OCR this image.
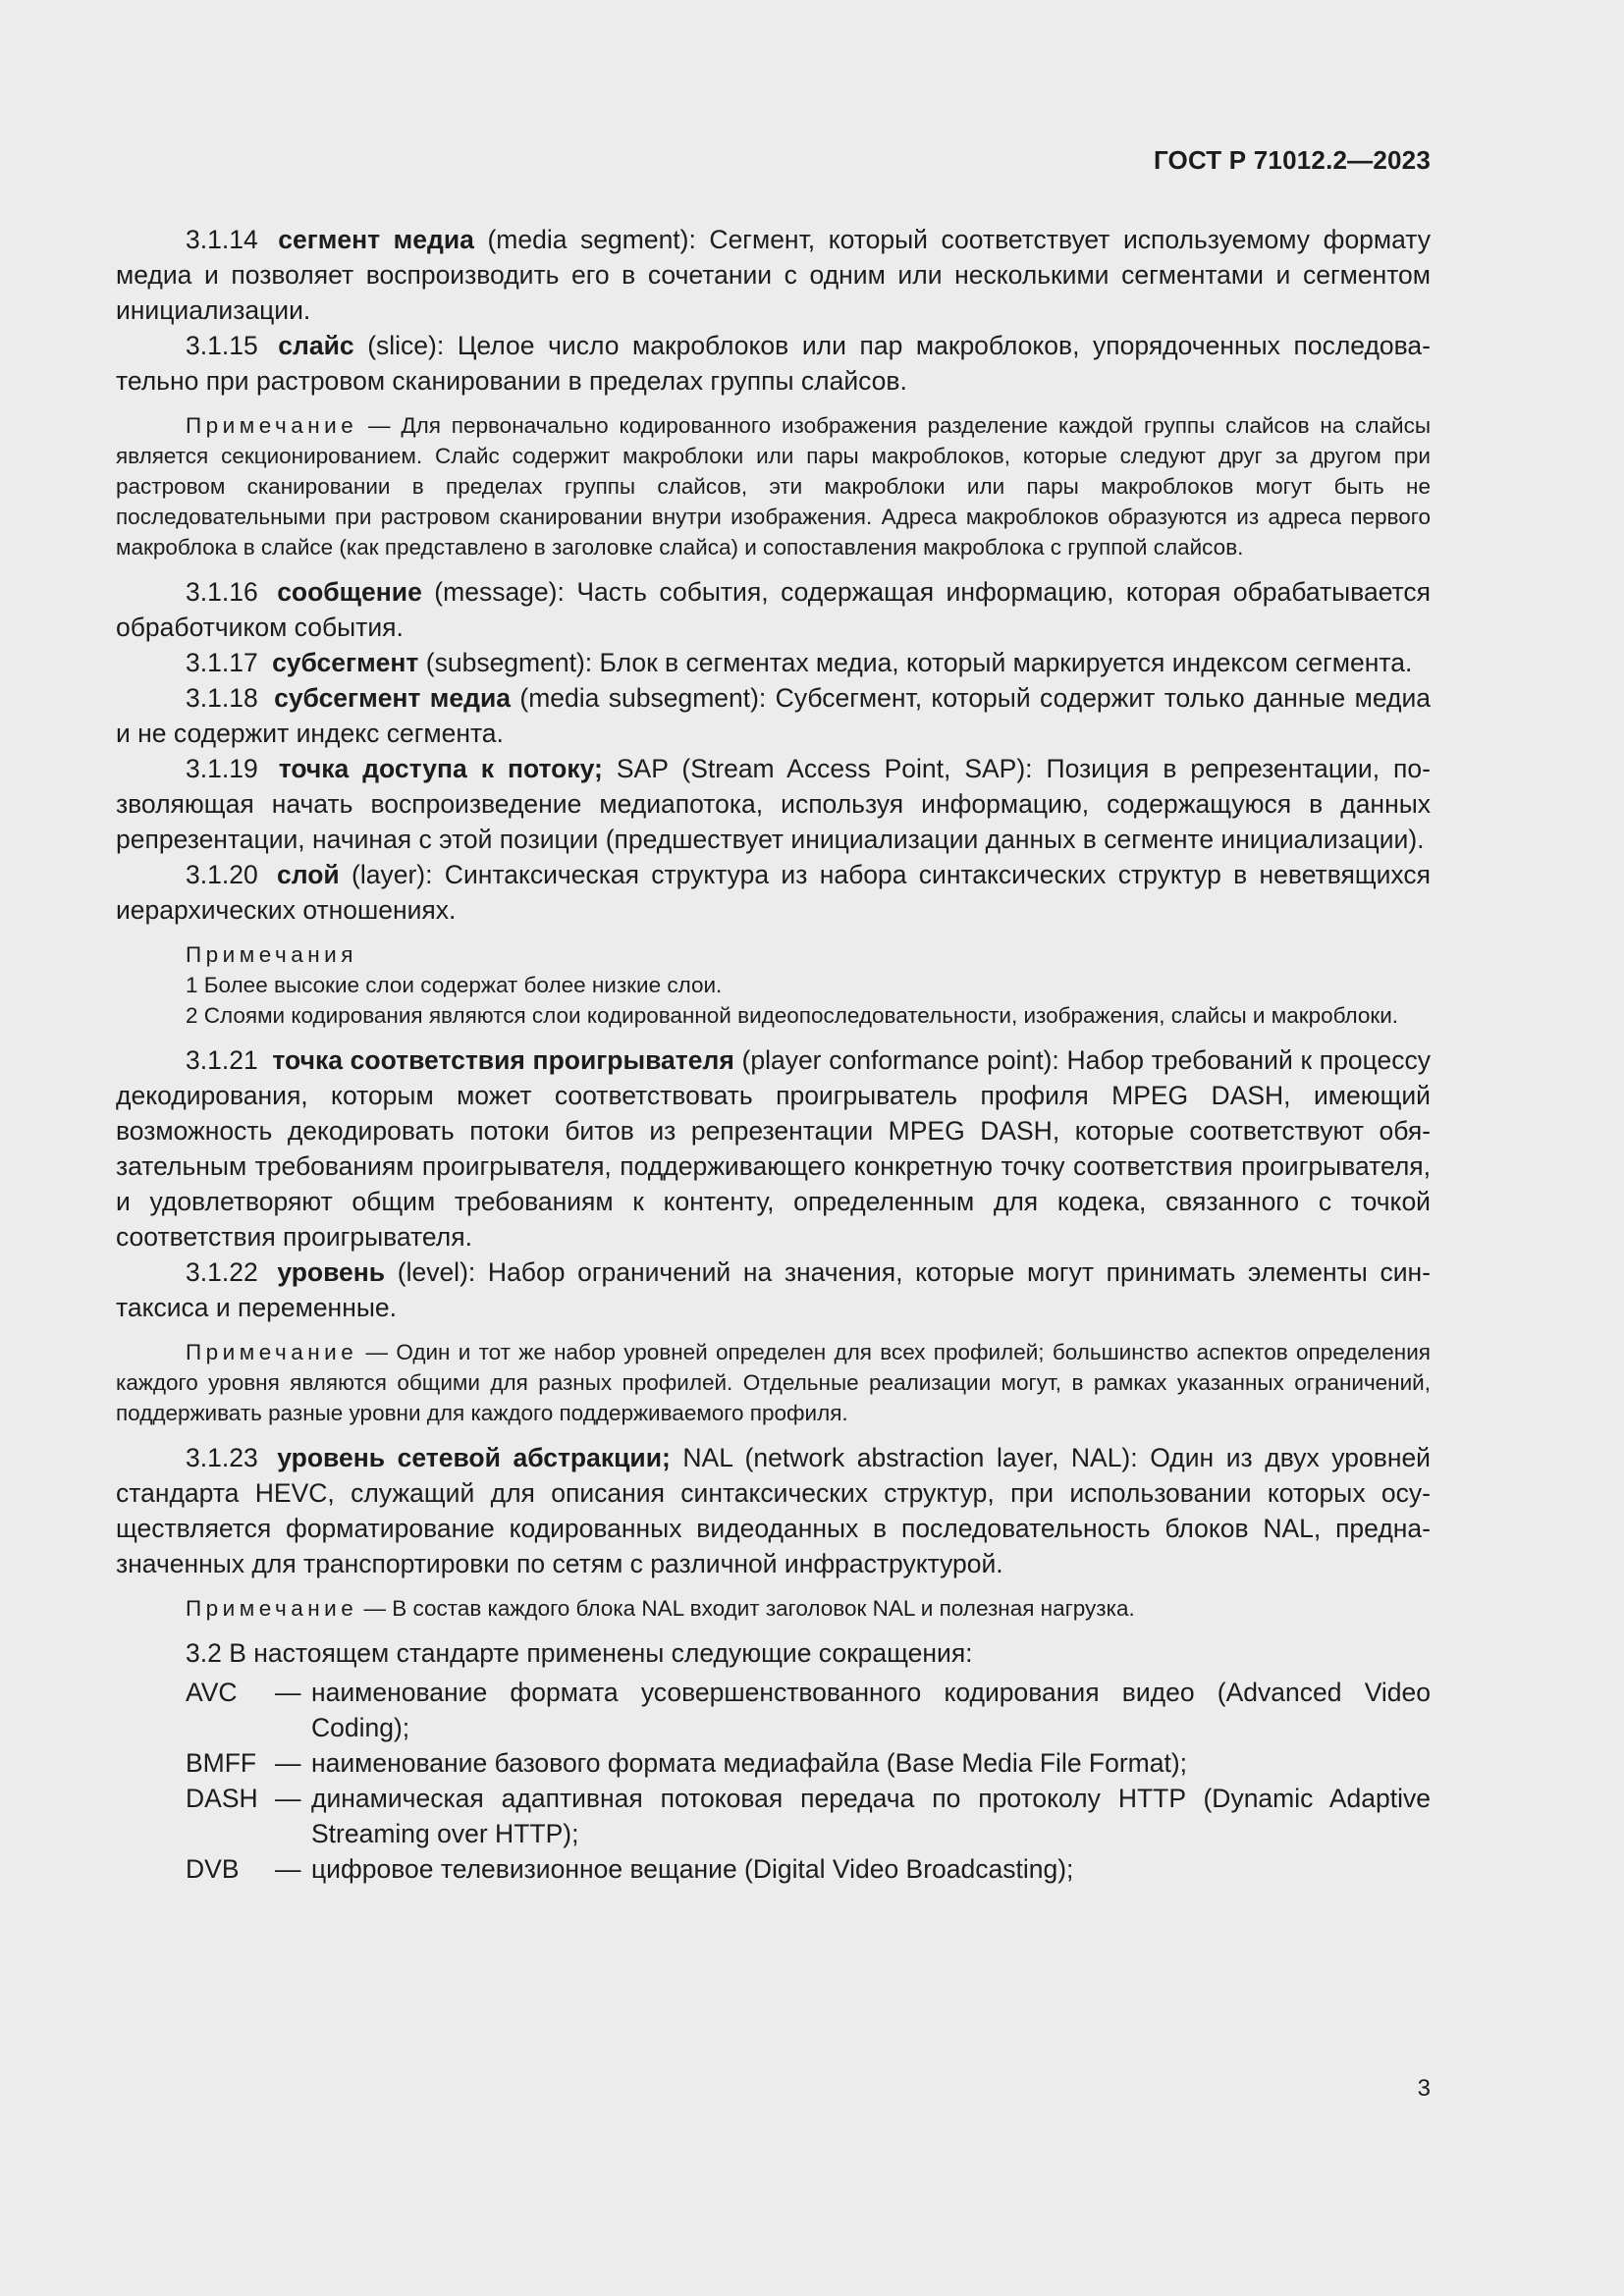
ГОСТ Р 71012.2—2023

3.1.14 сегмент медиа (media segment): Сегмент, который соответствует используемому формату медиа и позволяет воспроизводить его в сочетании с одним или несколькими сегментами и сегментом инициализации.

3.1.15 слайс (slice): Целое число макроблоков или пар макроблоков, упорядоченных последовательно при растровом сканировании в пределах группы слайсов.

Примечание — Для первоначально кодированного изображения разделение каждой группы слайсов на слайсы является секционированием. Слайс содержит макроблоки или пары макроблоков, которые следуют друг за другом при растровом сканировании в пределах группы слайсов, эти макроблоки или пары макроблоков могут быть не последовательными при растровом сканировании внутри изображения. Адреса макроблоков образуются из адреса первого макроблока в слайсе (как представлено в заголовке слайса) и сопоставления макроблока с группой слайсов.

3.1.16 сообщение (message): Часть события, содержащая информацию, которая обрабатывается обработчиком события.

3.1.17 субсегмент (subsegment): Блок в сегментах медиа, который маркируется индексом сегмента.

3.1.18 субсегмент медиа (media subsegment): Субсегмент, который содержит только данные медиа и не содержит индекс сегмента.

3.1.19 точка доступа к потоку; SAP (Stream Access Point, SAP): Позиция в репрезентации, позволяющая начать воспроизведение медиапотока, используя информацию, содержащуюся в данных репрезентации, начиная с этой позиции (предшествует инициализации данных в сегменте инициализации).

3.1.20 слой (layer): Синтаксическая структура из набора синтаксических структур в неветвящихся иерархических отношениях.

Примечания

1 Более высокие слои содержат более низкие слои.

2 Слоями кодирования являются слои кодированной видеопоследовательности, изображения, слайсы и макроблоки.

3.1.21 точка соответствия проигрывателя (player conformance point): Набор требований к процессу декодирования, которым может соответствовать проигрыватель профиля MPEG DASH, имеющий возможность декодировать потоки битов из репрезентации MPEG DASH, которые соответствуют обязательным требованиям проигрывателя, поддерживающего конкретную точку соответствия проигрывателя, и удовлетворяют общим требованиям к контенту, определенным для кодека, связанного с точкой соответствия проигрывателя.

3.1.22 уровень (level): Набор ограничений на значения, которые могут принимать элементы синтаксиса и переменные.

Примечание — Один и тот же набор уровней определен для всех профилей; большинство аспектов определения каждого уровня являются общими для разных профилей. Отдельные реализации могут, в рамках указанных ограничений, поддерживать разные уровни для каждого поддерживаемого профиля.

3.1.23 уровень сетевой абстракции; NAL (network abstraction layer, NAL): Один из двух уровней стандарта HEVC, служащий для описания синтаксических структур, при использовании которых осуществляется форматирование кодированных видеоданных в последовательность блоков NAL, предназначенных для транспортировки по сетям с различной инфраструктурой.

Примечание — В состав каждого блока NAL входит заголовок NAL и полезная нагрузка.

3.2 В настоящем стандарте применены следующие сокращения:

AVC — наименование формата усовершенствованного кодирования видео (Advanced Video Coding);
BMFF — наименование базового формата медиафайла (Base Media File Format);
DASH — динамическая адаптивная потоковая передача по протоколу HTTP (Dynamic Adaptive Streaming over HTTP);
DVB — цифровое телевизионное вещание (Digital Video Broadcasting);
3
